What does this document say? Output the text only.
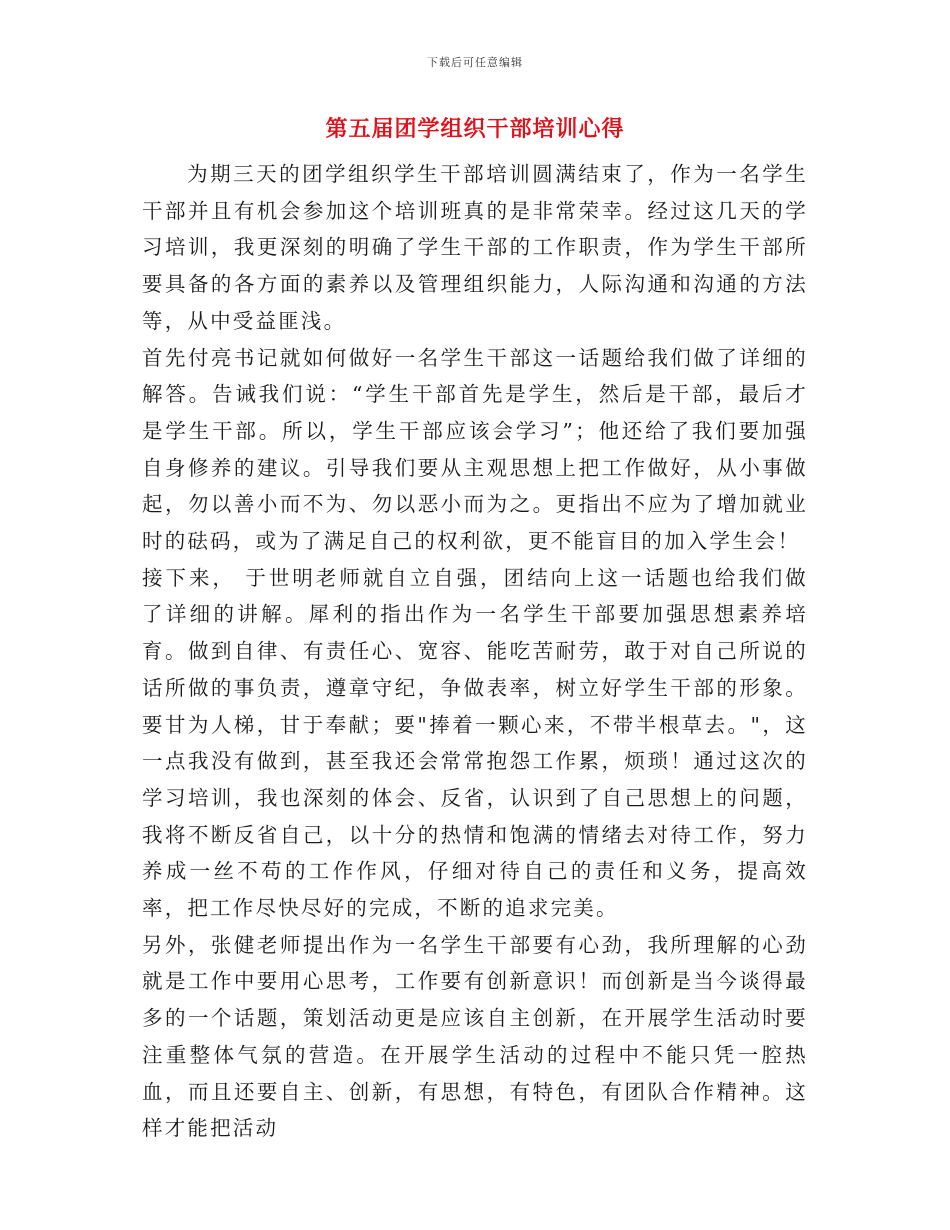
下载后可任意编辑
第五届团学组织干部培训心得

为期三天的团学组织学生干部培训圆满结束了，作为一名学生干部并且有机会参加这个培训班真的是非常荣幸。经过这几天的学习培训，我更深刻的明确了学生干部的工作职责，作为学生干部所要具备的各方面的素养以及管理组织能力，人际沟通和沟通的方法等，从中受益匪浅。

首先付亮书记就如何做好一名学生干部这一话题给我们做了详细的解答。告诫我们说：“学生干部首先是学生，然后是干部，最后才是学生干部。所以，学生干部应该会学习”；他还给了我们要加强自身修养的建议。引导我们要从主观思想上把工作做好，从小事做起，勿以善小而不为、勿以恶小而为之。更指出不应为了增加就业时的砝码，或为了满足自己的权利欲，更不能盲目的加入学生会！

接下来， 于世明老师就自立自强，团结向上这一话题也给我们做了详细的讲解。犀利的指出作为一名学生干部要加强思想素养培育。做到自律、有责任心、宽容、能吃苦耐劳，敢于对自己所说的话所做的事负责，遵章守纪，争做表率，树立好学生干部的形象。要甘为人梯，甘于奉献；要"捧着一颗心来，不带半根草去。"，这一点我没有做到，甚至我还会常常抱怨工作累，烦琐！通过这次的学习培训，我也深刻的体会、反省，认识到了自己思想上的问题，我将不断反省自己，以十分的热情和饱满的情绪去对待工作，努力养成一丝不苟的工作作风，仔细对待自己的责任和义务，提高效率，把工作尽快尽好的完成，不断的追求完美。

另外，张健老师提出作为一名学生干部要有心劲，我所理解的心劲就是工作中要用心思考，工作要有创新意识！而创新是当今谈得最多的一个话题，策划活动更是应该自主创新，在开展学生活动时要注重整体气氛的营造。在开展学生活动的过程中不能只凭一腔热血，而且还要自主、创新，有思想，有特色，有团队合作精神。这样才能把活动
